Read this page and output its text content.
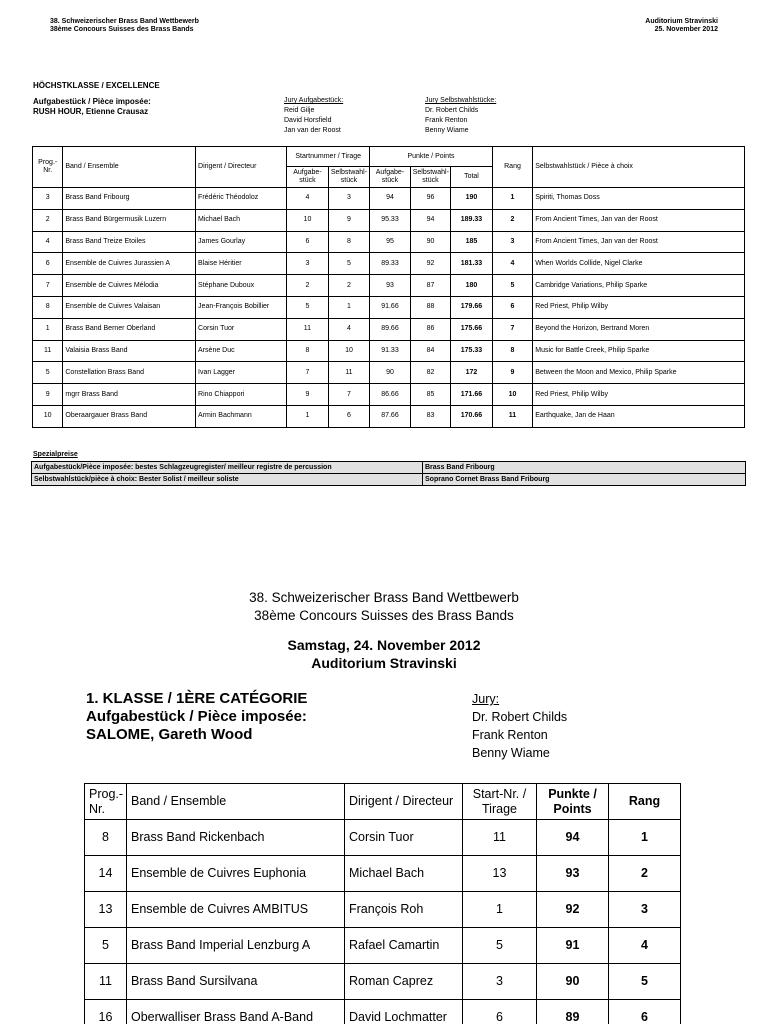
38. Schweizerischer Brass Band Wettbewerb
38ème Concours Suisses des Brass Bands
Auditorium Stravinski
25. November 2012
HÖCHSTKLASSE / EXCELLENCE
Aufgabestück / Pièce imposée:
RUSH HOUR, Etienne Crausaz
Jury Aufgabestück:
Reid Gilje
David Horsfield
Jan van der Roost
Jury Selbstwahlstücke:
Dr. Robert Childs
Frank Renton
Benny Wiame
Prog.-Nr.	Band / Ensemble	Dirigent / Directeur	Startnummer / Tirage		Punkte / Points			Rang	Selbstwahlstück / Pièce à choix
			Aufgabe-stück	Selbstwahl-stück	Aufgabe-stück	Selbstwahl-stück	Total		
3	Brass Band Fribourg	Frédéric Théodoloz	4	3	94	96	190	1	Spiriti, Thomas Doss
2	Brass Band Bürgermusik Luzern	Michael Bach	10	9	95.33	94	189.33	2	From Ancient Times, Jan van der Roost
4	Brass Band Treize Etoiles	James Gourlay	6	8	95	90	185	3	From Ancient Times, Jan van der Roost
6	Ensemble de Cuivres Jurassien A	Blaise Héritier	3	5	89.33	92	181.33	4	When Worlds Collide, Nigel Clarke
7	Ensemble de Cuivres Mélodia	Stéphane Duboux	2	2	93	87	180	5	Cambridge Variations, Philip Sparke
8	Ensemble de Cuivres Valaisan	Jean-François Bobillier	5	1	91.66	88	179.66	6	Red Priest, Philip Wilby
1	Brass Band Berner Oberland	Corsin Tuor	11	4	89.66	86	175.66	7	Beyond the Horizon, Bertrand Moren
11	Valaisia Brass Band	Arsène Duc	8	10	91.33	84	175.33	8	Music for Battle Creek, Philip Sparke
5	Constellation Brass Band	Ivan Lagger	7	11	90	82	172	9	Between the Moon and Mexico, Philip Sparke
9	mgrr Brass Band	Rino Chiappori	9	7	86.66	85	171.66	10	Red Priest, Philip Wilby
10	Oberaargauer Brass Band	Armin Bachmann	1	6	87.66	83	170.66	11	Earthquake, Jan de Haan
Spezialpreise
Aufgabestück/Pièce imposée: bestes Schlagzeugregister/ meilleur registre de percussion	Brass Band Fribourg
Selbstwahlstück/pièce à choix: Bester Solist / meilleur soliste	Soprano Cornet Brass Band Fribourg
38. Schweizerischer Brass Band Wettbewerb
38ème Concours Suisses des Brass Bands
Samstag, 24. November 2012
Auditorium Stravinski
1. KLASSE / 1ÈRE CATÉGORIE
Aufgabestück / Pièce imposée:
SALOME, Gareth Wood
Jury:
Dr. Robert Childs
Frank Renton
Benny Wiame
Prog.-Nr.	Band / Ensemble	Dirigent / Directeur	Start-Nr. / Tirage	Punkte / Points	Rang
8	Brass Band Rickenbach	Corsin Tuor	11	94	1
14	Ensemble de Cuivres Euphonia	Michael Bach	13	93	2
13	Ensemble de Cuivres AMBITUS	François Roh	1	92	3
5	Brass Band Imperial Lenzburg A	Rafael Camartin	5	91	4
11	Brass Band Sursilvana	Roman Caprez	3	90	5
16	Oberwalliser Brass Band A-Band	David Lochmatter	6	89	6
